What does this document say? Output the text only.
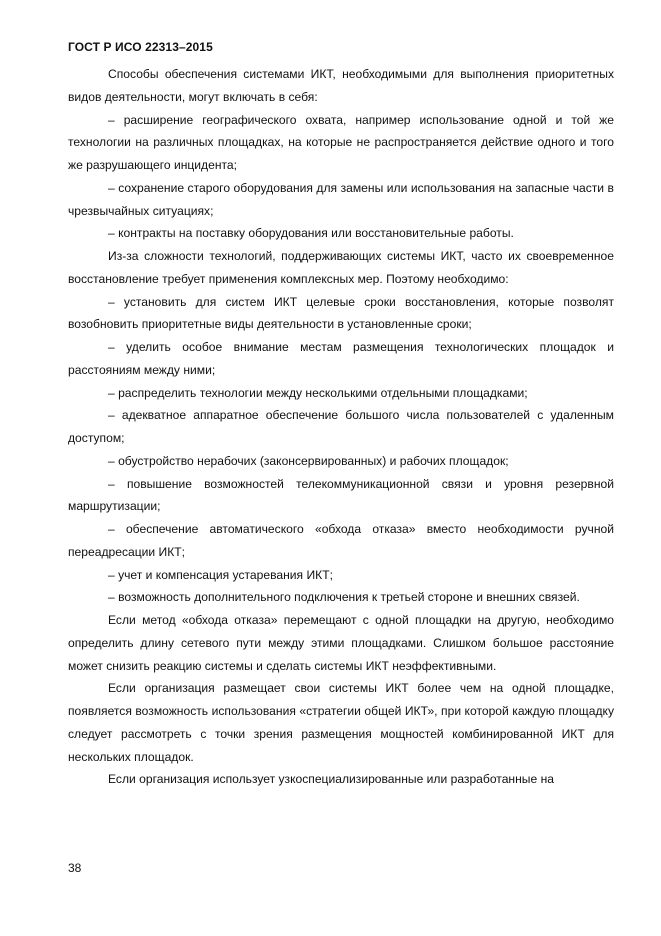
ГОСТ Р ИСО 22313–2015

Способы обеспечения системами ИКТ, необходимыми для выполнения приоритетных видов деятельности, могут включать в себя:

– расширение географического охвата, например использование одной и той же технологии на различных площадках, на которые не распространяется действие одного и того же разрушающего инцидента;

– сохранение старого оборудования для замены или использования на запасные части в чрезвычайных ситуациях;

– контракты на поставку оборудования или восстановительные работы.

Из-за сложности технологий, поддерживающих системы ИКТ, часто их своевременное восстановление требует применения комплексных мер. Поэтому необходимо:

– установить для систем ИКТ целевые сроки восстановления, которые позволят возобновить приоритетные виды деятельности в установленные сроки;

– уделить особое внимание местам размещения технологических площадок и расстояниям между ними;

– распределить технологии между несколькими отдельными площадками;

– адекватное аппаратное обеспечение большого числа пользователей с удаленным доступом;

– обустройство нерабочих (законсервированных) и рабочих площадок;

– повышение возможностей телекоммуникационной связи и уровня резервной маршрутизации;

– обеспечение автоматического «обхода отказа» вместо необходимости ручной переадресации ИКТ;

– учет и компенсация устаревания ИКТ;

– возможность дополнительного подключения к третьей стороне и внешних связей.

Если метод «обхода отказа» перемещают с одной площадки на другую, необходимо определить длину сетевого пути между этими площадками. Слишком большое расстояние может снизить реакцию системы и сделать системы ИКТ неэффективными.

Если организация размещает свои системы ИКТ более чем на одной площадке, появляется возможность использования «стратегии общей ИКТ», при которой каждую площадку следует рассмотреть с точки зрения размещения мощностей комбинированной ИКТ для нескольких площадок.

Если организация использует узкоспециализированные или разработанные на

38
